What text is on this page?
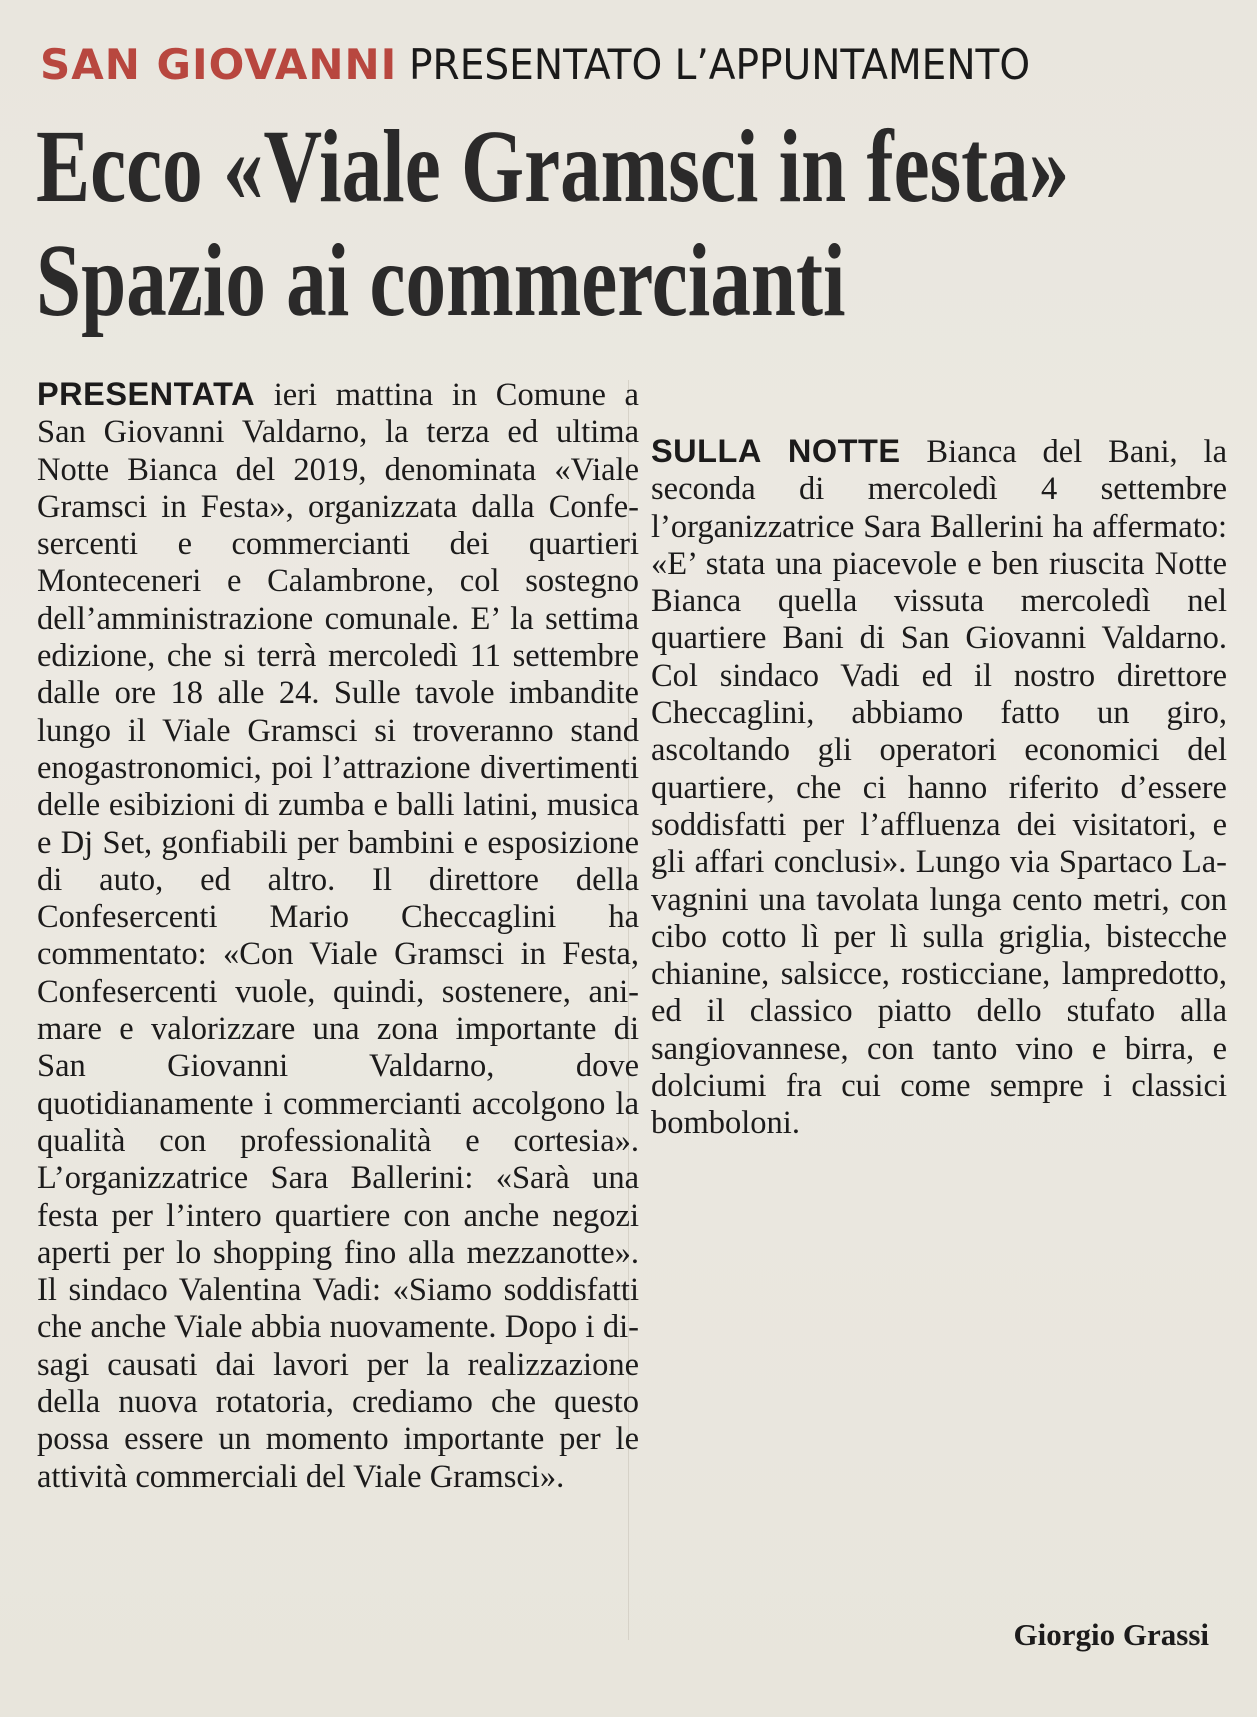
SAN GIOVANNI PRESENTATO L’APPUNTAMENTO
Ecco «Viale Gramsci in festa»
Spazio ai commercianti

PRESENTATA ieri mattina in Comune a San Giovanni Valdarno, la terza ed ultima Notte Bianca del 2019, denominata «Viale Gramsci in Festa», organizzata dalla Confesercenti e commercianti dei quartieri Monteceneri e Calambrone, col sostegno dell’amministrazione comunale. E’ la settima edizione, che si terrà mercoledì 11 settembre dalle ore 18 alle 24. Sulle tavole imbandite lungo il Viale Gramsci si troveranno stand enogastronomici, poi l’attrazione divertimenti delle esibizioni di zumba e balli latini, musica e Dj Set, gonfiabili per bambini e esposizione di auto, ed altro. Il direttore della Confesercenti Mario Checcaglini ha commentato: «Con Viale Gramsci in Festa, Confesercenti vuole, quindi, sostenere, animare e valorizzare una zona importante di San Giovanni Valdarno, dove quotidianamente i commercianti accolgono la qualità con professionalità e cortesia». L’organizzatrice Sara Ballerini: «Sarà una festa per l’intero quartiere con anche negozi aperti per lo shopping fino alla mezzanotte». Il sindaco Valentina Vadi: «Siamo soddisfatti che anche Viale abbia nuovamente. Dopo i disagi causati dai lavori per la realizzazione della nuova rotatoria, crediamo che questo possa essere un momento importante per le attività commerciali del Viale Gramsci».

SULLA NOTTE Bianca del Bani, la seconda di mercoledì 4 settembre l’organizzatrice Sara Ballerini ha affermato: «E’ stata una piacevole e ben riuscita Notte Bianca quella vissuta mercoledì nel quartiere Bani di San Giovanni Valdarno. Col sindaco Vadi ed il nostro direttore Checcaglini, abbiamo fatto un giro, ascoltando gli operatori economici del quartiere, che ci hanno riferito d’essere soddisfatti per l’affluenza dei visitatori, e gli affari conclusi». Lungo via Spartaco Lavagnini una tavolata lunga cento metri, con cibo cotto lì per lì sulla griglia, bistecche chianine, salsicce, rosticciane, lampredotto, ed il classico piatto dello stufato alla sangiovannese, con tanto vino e birra, e dolciumi fra cui come sempre i classici bomboloni.

Giorgio Grassi
